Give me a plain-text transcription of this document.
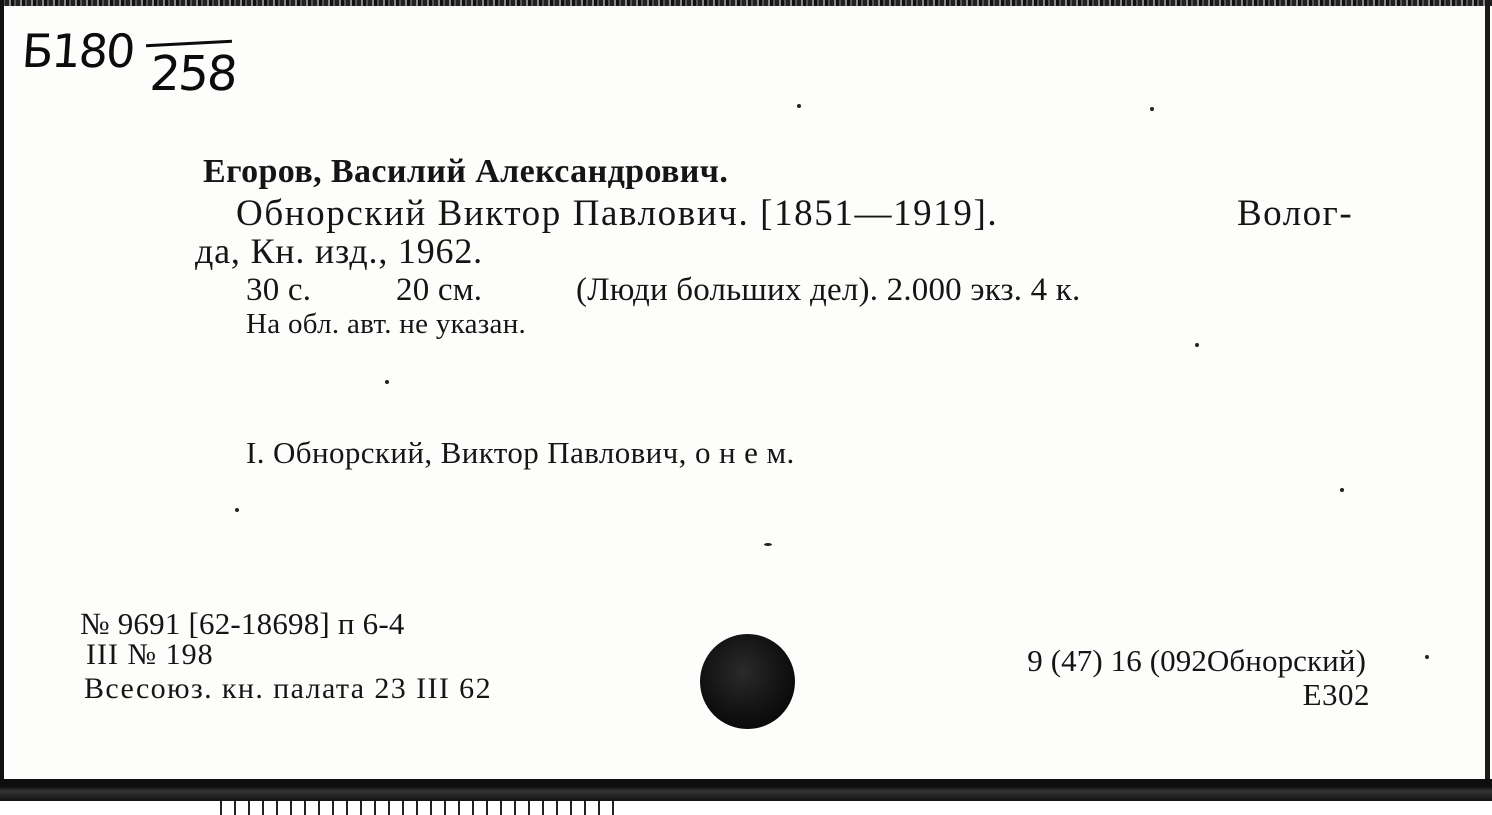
Б180 258
Егоров, Василий Александрович.
Обнорский Виктор Павлович. [1851—1919].	Волог-
да, Кн. изд., 1962.
30 с.	20 см.	(Люди больших дел). 2.000 экз. 4 к.
На обл. авт. не указан.
I. Обнорский, Виктор Павлович, о н е м.
№ 9691 [62-18698] п 6-4
III № 198
Всесоюз. кн. палата 23 III 62
9 (47) 16 (092Обнорский)
Е302
